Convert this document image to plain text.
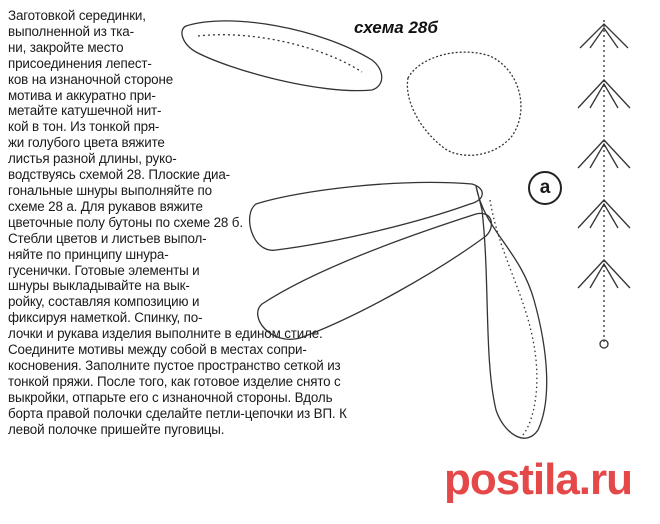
Заготовкой серединки,
выполненной из тка-
ни, закройте место
присоединения лепест-
ков на изнаночной стороне
мотива и аккуратно при-
метайте катушечной нит-
кой в тон. Из тонкой пря-
жи голубого цвета вяжите
листья разной длины, руко-
водствуясь схемой 28. Плоские диа-
гональные шнуры выполняйте по
схеме 28 а. Для рукавов вяжите
цветочные полу бутоны по схеме 28 б.
Стебли цветов и листьев выпол-
няйте по принципу шнура-
гусенички. Готовые элементы и
шнуры выкладывайте на вык-
ройку, составляя композицию и
фиксируя наметкой. Спинку, по-
лочки и рукава изделия выполните в едином стиле.
Соедините мотивы между собой в местах сопри-
косновения. Заполните пустое пространство сеткой из
тонкой пряжи. После того, как готовое изделие снято с
выкройки, отпарьте его с изнаночной стороны. Вдоль
борта правой полочки сделайте петли-цепочки из ВП. К
левой полочке пришейте пуговицы.
схема 28б
a
postila.ru
